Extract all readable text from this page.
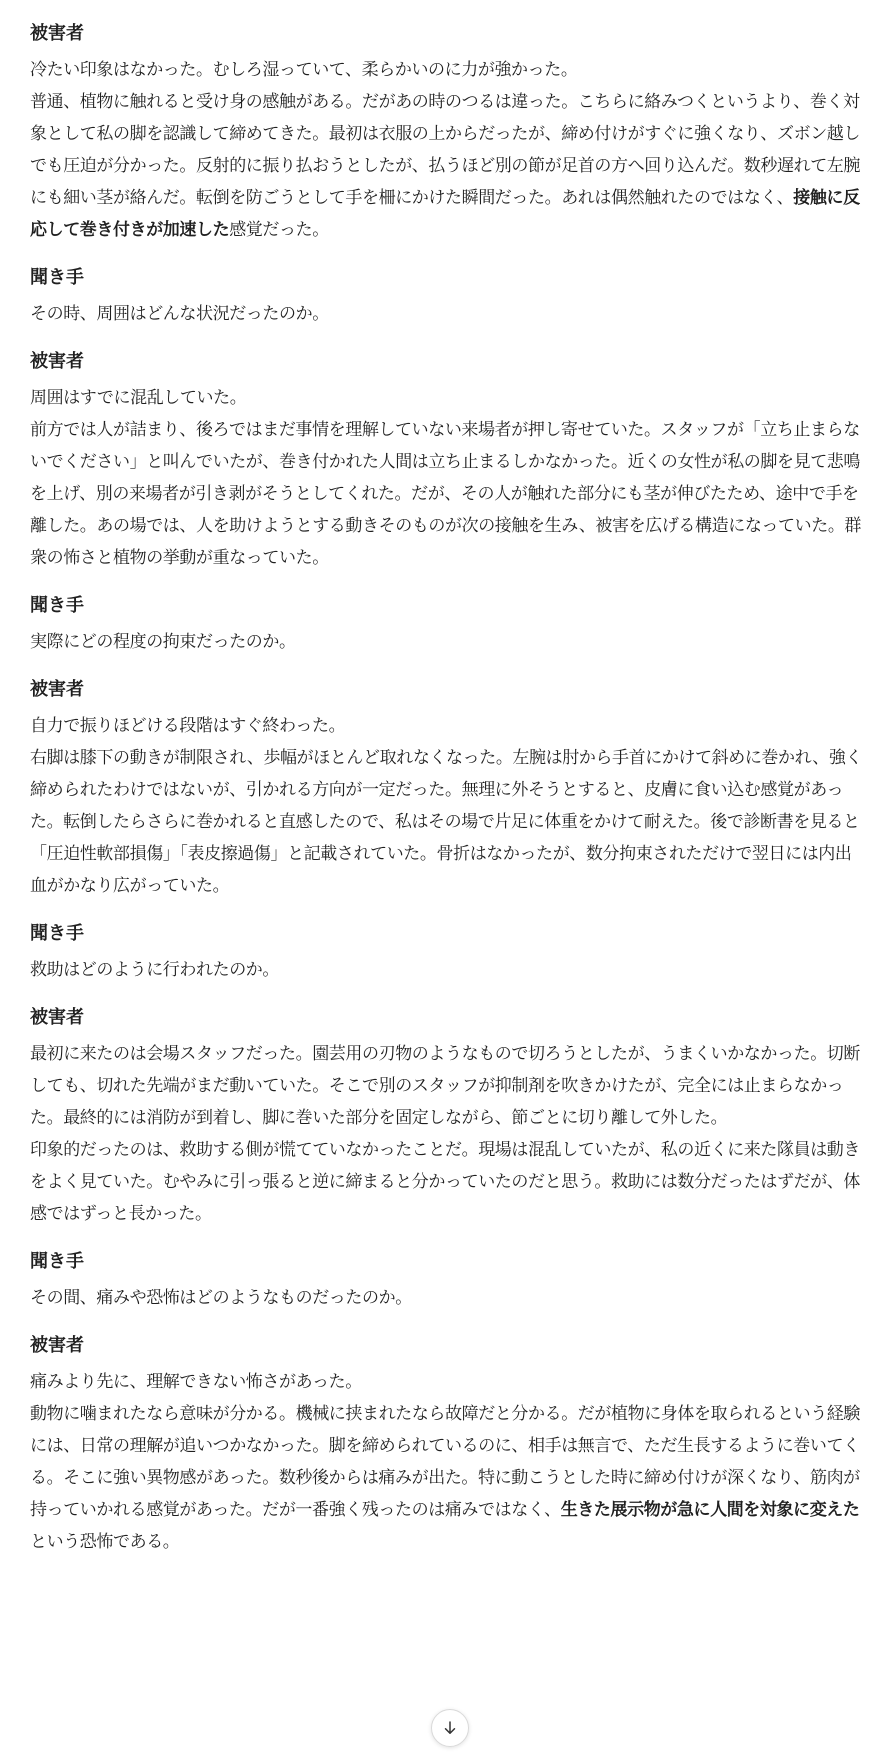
被害者

冷たい印象はなかった。むしろ湿っていて、柔らかいのに力が強かった。

普通、植物に触れると受け身の感触がある。だがあの時のつるは違った。こちらに絡みつくというより、巻く対象として私の脚を認識して締めてきた。最初は衣服の上からだったが、締め付けがすぐに強くなり、ズボン越しでも圧迫が分かった。反射的に振り払おうとしたが、払うほど別の節が足首の方へ回り込んだ。数秒遅れて左腕にも細い茎が絡んだ。転倒を防ごうとして手を柵にかけた瞬間だった。あれは偶然触れたのではなく、接触に反応して巻き付きが加速した感覚だった。

聞き手

その時、周囲はどんな状況だったのか。

被害者

周囲はすでに混乱していた。

前方では人が詰まり、後ろではまだ事情を理解していない来場者が押し寄せていた。スタッフが「立ち止まらないでください」と叫んでいたが、巻き付かれた人間は立ち止まるしかなかった。近くの女性が私の脚を見て悲鳴を上げ、別の来場者が引き剥がそうとしてくれた。だが、その人が触れた部分にも茎が伸びたため、途中で手を離した。あの場では、人を助けようとする動きそのものが次の接触を生み、被害を広げる構造になっていた。群衆の怖さと植物の挙動が重なっていた。

聞き手

実際にどの程度の拘束だったのか。

被害者

自力で振りほどける段階はすぐ終わった。

右脚は膝下の動きが制限され、歩幅がほとんど取れなくなった。左腕は肘から手首にかけて斜めに巻かれ、強く締められたわけではないが、引かれる方向が一定だった。無理に外そうとすると、皮膚に食い込む感覚があった。転倒したらさらに巻かれると直感したので、私はその場で片足に体重をかけて耐えた。後で診断書を見ると「圧迫性軟部損傷」「表皮擦過傷」と記載されていた。骨折はなかったが、数分拘束されただけで翌日には内出血がかなり広がっていた。

聞き手

救助はどのように行われたのか。

被害者

最初に来たのは会場スタッフだった。園芸用の刃物のようなもので切ろうとしたが、うまくいかなかった。切断しても、切れた先端がまだ動いていた。そこで別のスタッフが抑制剤を吹きかけたが、完全には止まらなかった。最終的には消防が到着し、脚に巻いた部分を固定しながら、節ごとに切り離して外した。

印象的だったのは、救助する側が慌てていなかったことだ。現場は混乱していたが、私の近くに来た隊員は動きをよく見ていた。むやみに引っ張ると逆に締まると分かっていたのだと思う。救助には数分だったはずだが、体感ではずっと長かった。

聞き手

その間、痛みや恐怖はどのようなものだったのか。

被害者

痛みより先に、理解できない怖さがあった。

動物に噛まれたなら意味が分かる。機械に挟まれたなら故障だと分かる。だが植物に身体を取られるという経験には、日常の理解が追いつかなかった。脚を締められているのに、相手は無言で、ただ生長するように巻いてくる。そこに強い異物感があった。数秒後からは痛みが出た。特に動こうとした時に締め付けが深くなり、筋肉が持っていかれる感覚があった。だが一番強く残ったのは痛みではなく、生きた展示物が急に人間を対象に変えたという恐怖である。
